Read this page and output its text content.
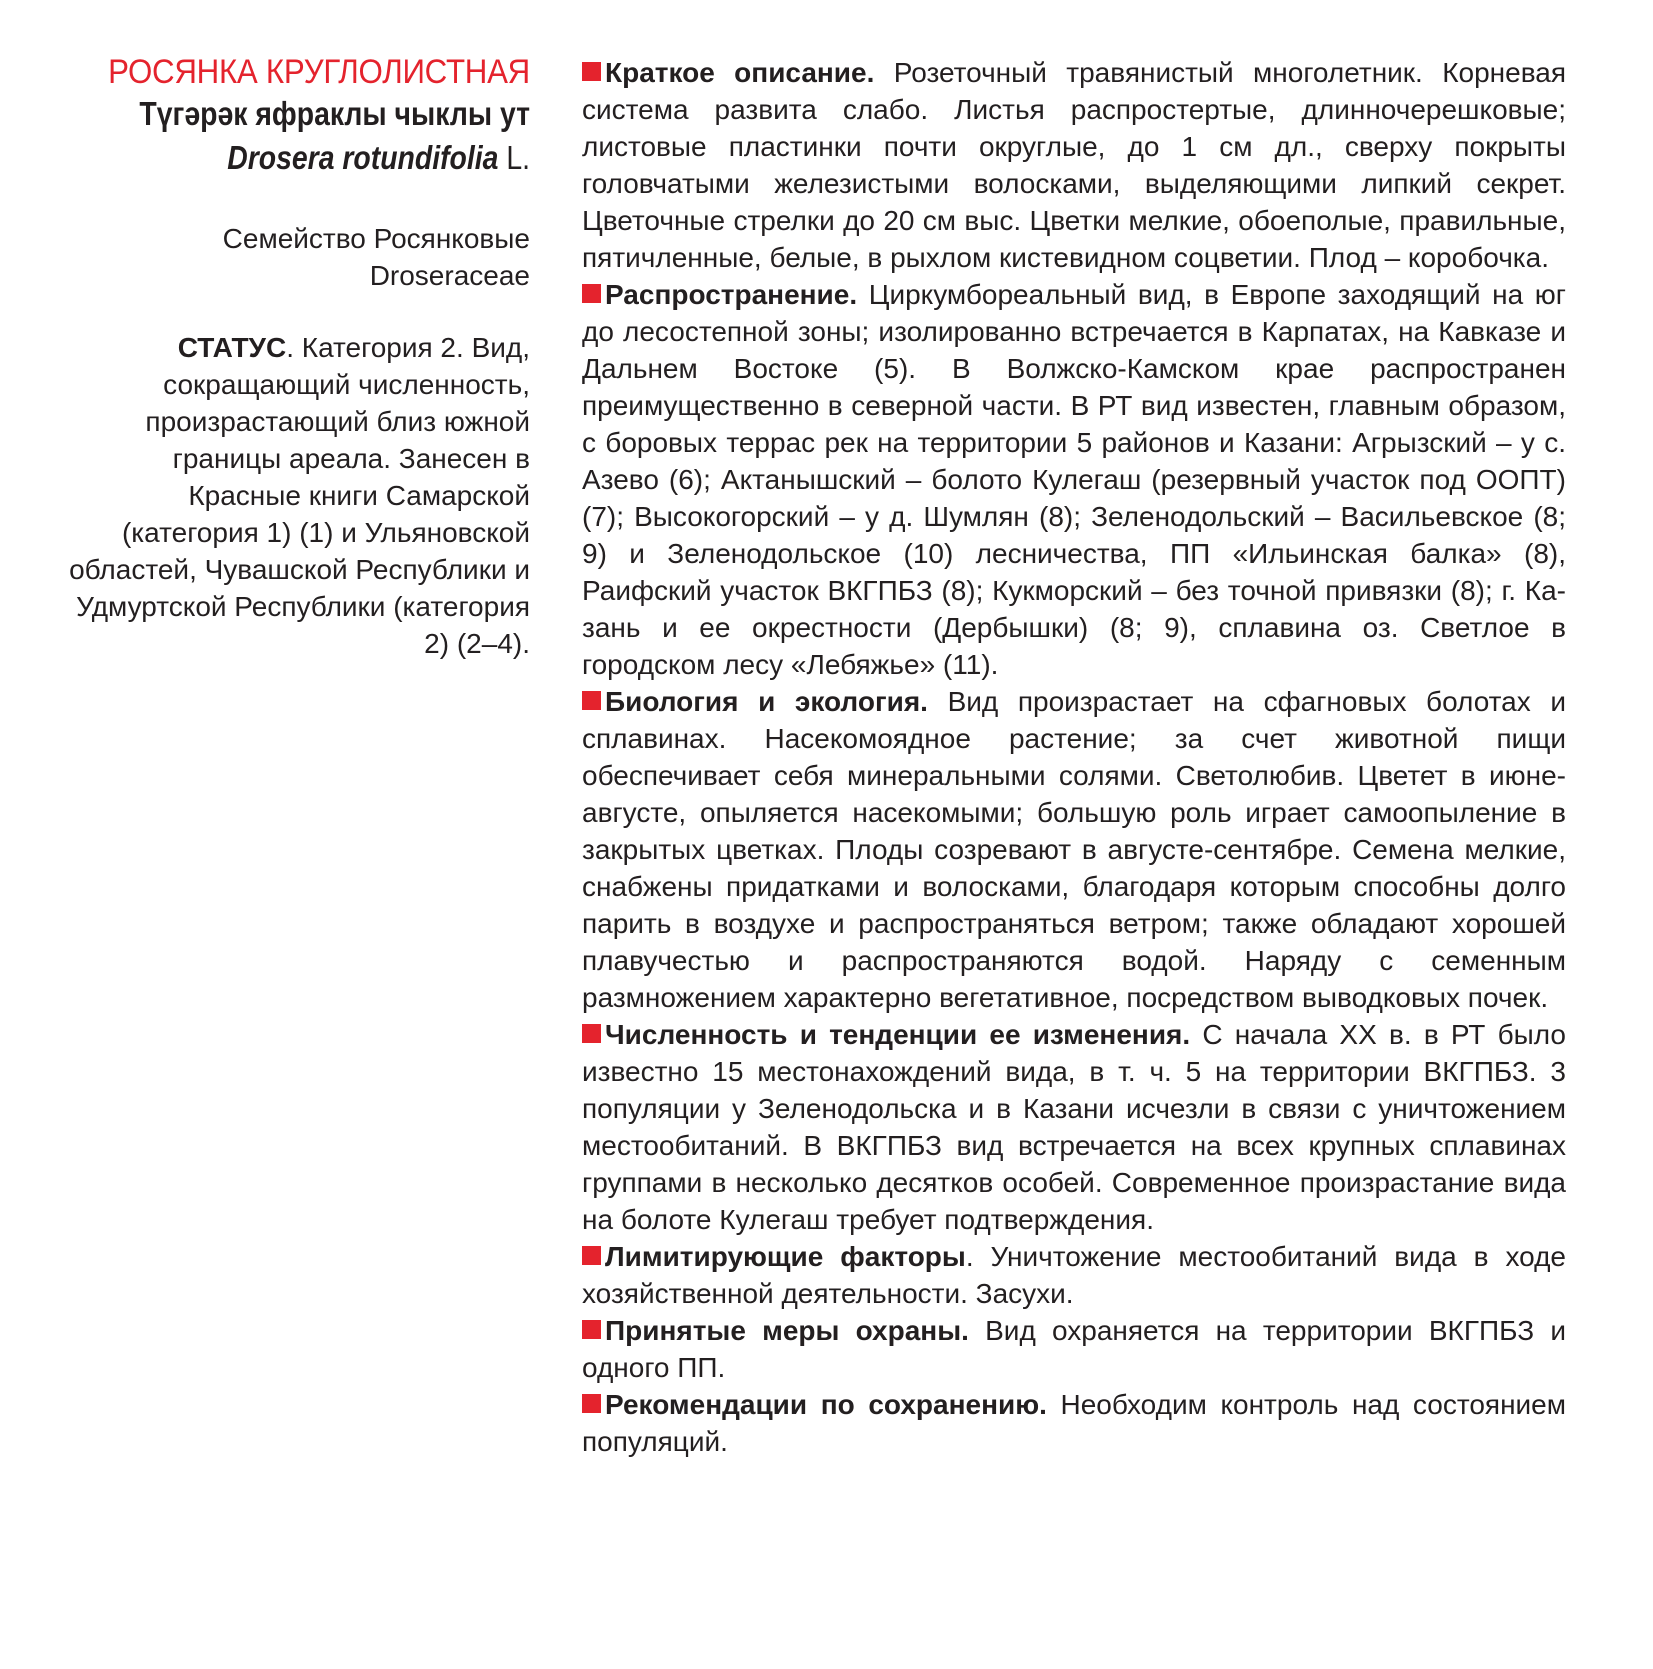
РОСЯНКА КРУГЛОЛИСТНАЯ
Түгәрәк яфраклы чыклы ут
Drosera rotundifolia L.
Семейство Росянковые
Droseraceae
СТАТУС. Категория 2. Вид, сокращающий численность, произрастающий близ южной границы ареала. Занесен в Красные книги Самарской (категория 1) (1) и Ульяновской областей, Чувашской Республики и Удмуртской Республики (категория 2) (2–4).

Краткое описание. Розеточный травянистый многолетник. Корневая система развита слабо. Листья распростертые, длинночерешковые; листовые пластинки почти округлые, до 1 см дл., сверху покрыты головчатыми железистыми волосками, выделяющими липкий секрет. Цветочные стрелки до 20 см выс. Цветки мелкие, обоеполые, правильные, пятичленные, белые, в рыхлом кистевидном соцветии. Плод – коробочка.

Распространение. Циркумбореальный вид, в Европе заходящий на юг до лесостепной зоны; изолированно встречается в Карпатах, на Кавказе и Дальнем Востоке (5). В Волжско-Камском крае распространен преимущественно в северной части. В РТ вид известен, главным образом, с боровых террас рек на территории 5 районов и Казани: Агрызский – у с. Азево (6); Актанышский – болото Кулегаш (резервный участок под ООПТ) (7); Высокогорский – у д. Шумлян (8); Зеленодольский – Васильевское (8; 9) и Зеленодольское (10) лесничества, ПП «Ильинская балка» (8), Раифский участок ВКГПБЗ (8); Кукморский – без точной привязки (8); г. Казань и ее окрестности (Дербышки) (8; 9), сплавина оз. Светлое в городском лесу «Лебяжье» (11).

Биология и экология. Вид произрастает на сфагновых болотах и сплавинах. Насекомоядное растение; за счет животной пищи обеспечивает себя минеральными солями. Светолюбив. Цветет в июне-августе, опыляется насекомыми; большую роль играет самоопыление в закрытых цветках. Плоды созревают в августе-сентябре. Семена мелкие, снабжены придатками и волосками, благодаря которым способны долго парить в воздухе и распространяться ветром; также обладают хорошей плавучестью и распространяются водой. Наряду с семенным размножением характерно вегетативное, посредством выводковых почек.

Численность и тенденции ее изменения. С начала XX в. в РТ было известно 15 местонахождений вида, в т. ч. 5 на территории ВКГПБЗ. 3 популяции у Зеленодольска и в Казани исчезли в связи с уничтожением местообитаний. В ВКГПБЗ вид встречается на всех крупных сплавинах группами в несколько десятков особей. Современное произрастание вида на болоте Кулегаш требует подтверждения.

Лимитирующие факторы. Уничтожение местообитаний вида в ходе хозяйственной деятельности. Засухи.

Принятые меры охраны. Вид охраняется на территории ВКГПБЗ и одного ПП.

Рекомендации по сохранению. Необходим контроль над состоянием популяций.
